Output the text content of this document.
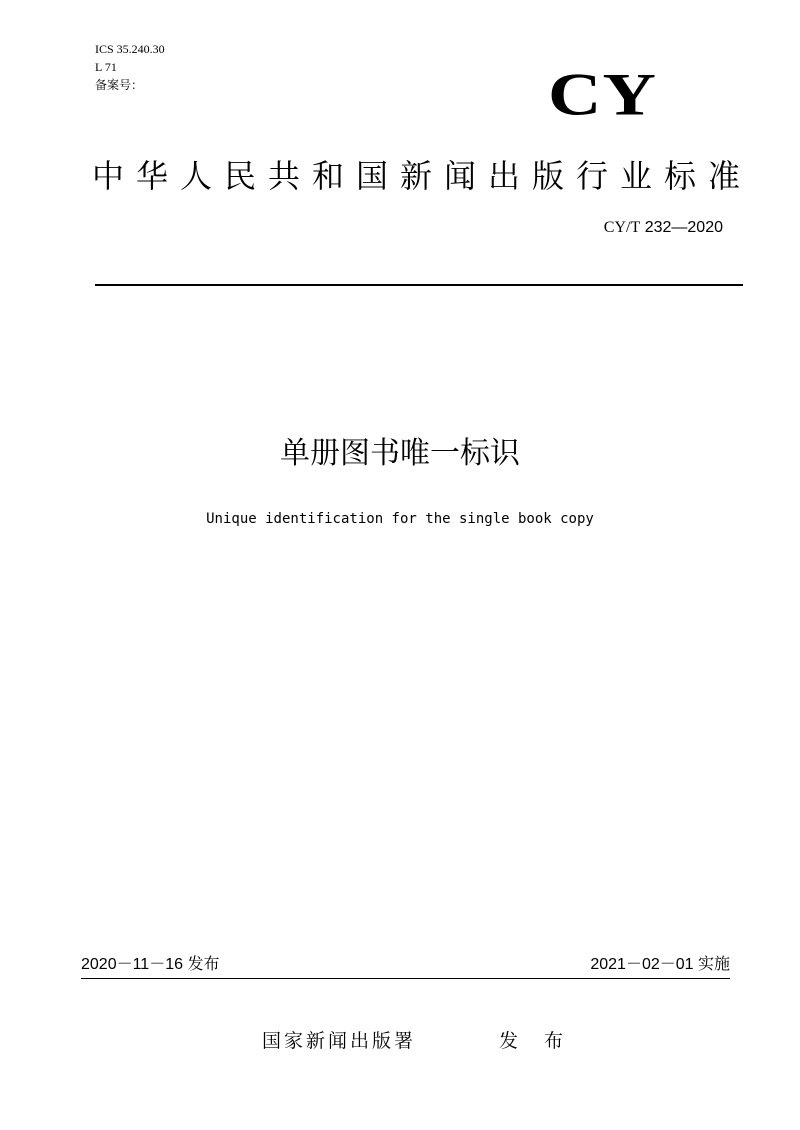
ICS 35.240.30
L 71
备案号：	CY
中华人民共和国新闻出版行业标准
CY/T 232—2020
单册图书唯一标识
Unique identification for the single book copy
2020－11－16 发布	2021－02－01 实施
国家新闻出版署	发 布
